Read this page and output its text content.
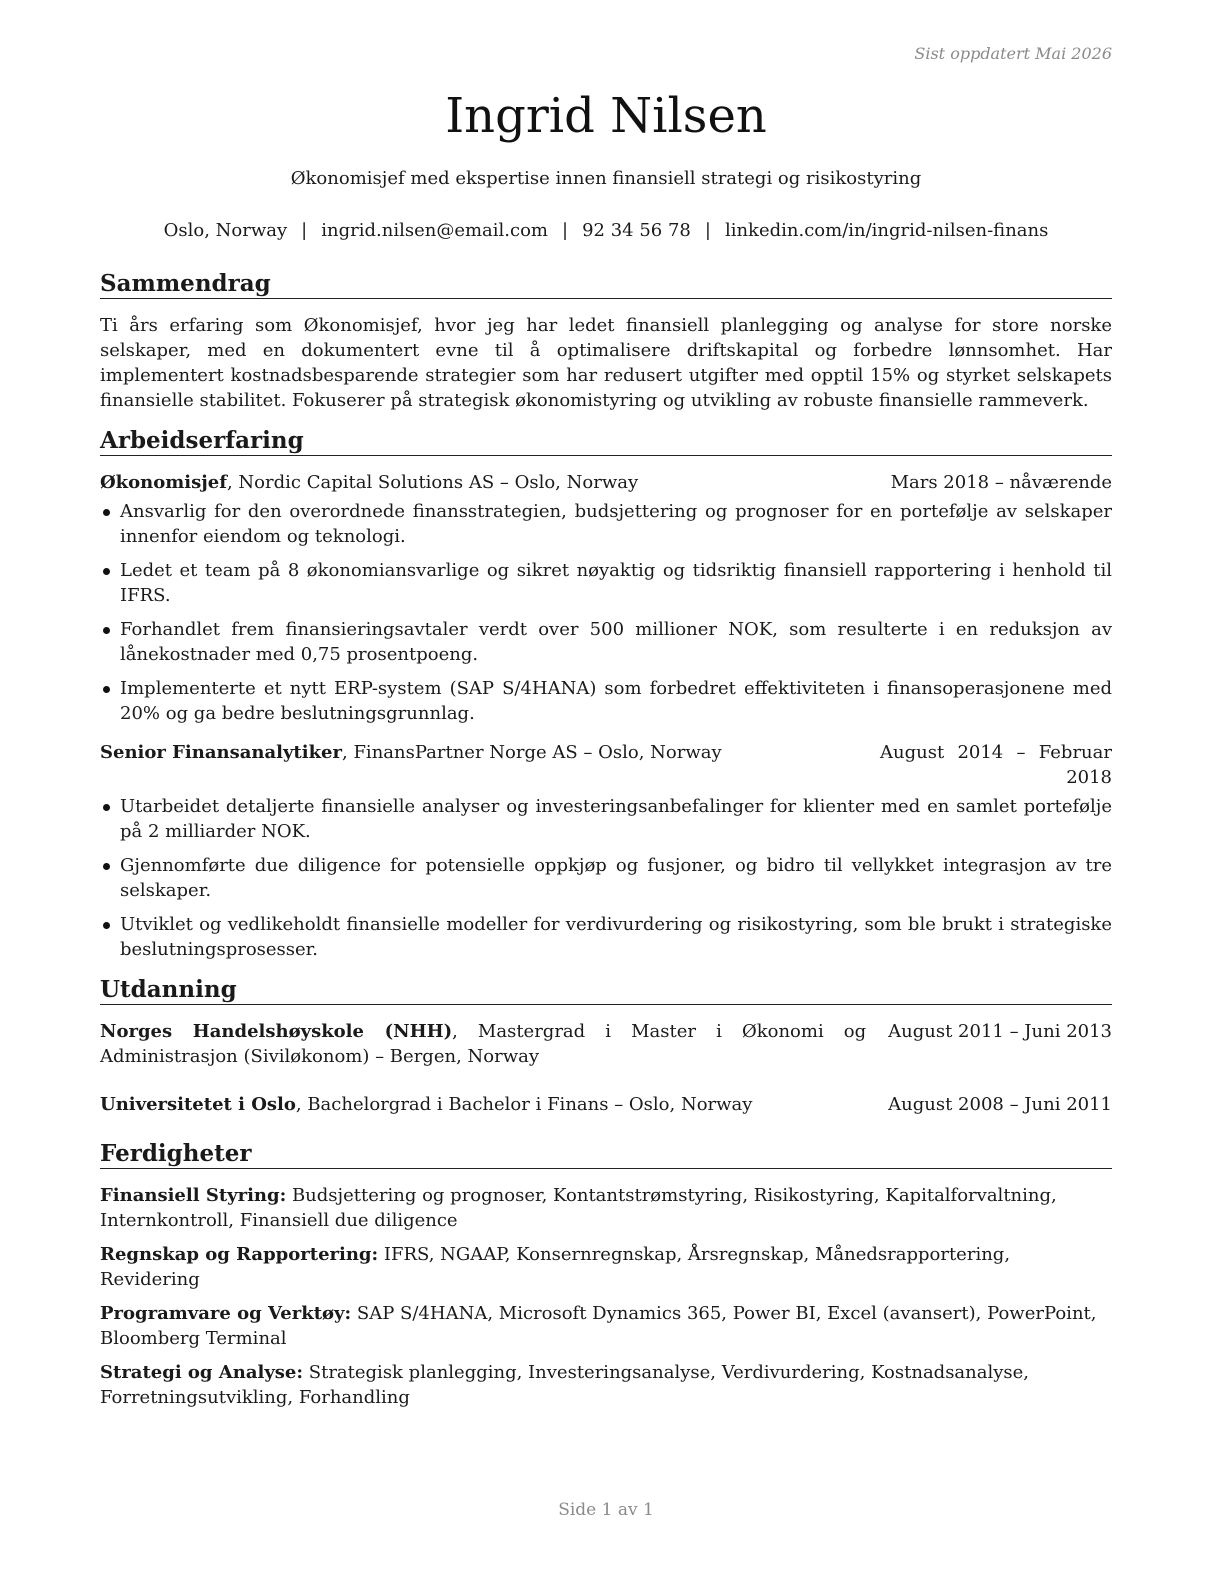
Sist oppdatert Mai 2026
Ingrid Nilsen
Økonomisjef med ekspertise innen finansiell strategi og risikostyring
Oslo, Norway | ingrid.nilsen@email.com | 92 34 56 78 | linkedin.com/in/ingrid-nilsen-finans
Sammendrag
Ti års erfaring som Økonomisjef, hvor jeg har ledet finansiell planlegging og analyse for store norske selskaper, med en dokumentert evne til å optimalisere driftskapital og forbedre lønnsomhet. Har implementert kostnadsbesparende strategier som har redusert utgifter med opptil 15% og styrket selskapets finansielle stabilitet. Fokuserer på strategisk økonomistyring og utvikling av robuste finansielle rammeverk.
Arbeidserfaring
Økonomisjef, Nordic Capital Solutions AS – Oslo, Norway	Mars 2018 – nåværende
Ansvarlig for den overordnede finansstrategien, budsjettering og prognoser for en portefølje av selskaper innenfor eiendom og teknologi.
Ledet et team på 8 økonomiansvarlige og sikret nøyaktig og tidsriktig finansiell rapportering i henhold til IFRS.
Forhandlet frem finansieringsavtaler verdt over 500 millioner NOK, som resulterte i en reduksjon av lånekostnader med 0,75 prosentpoeng.
Implementerte et nytt ERP-system (SAP S/4HANA) som forbedret effektiviteten i finansoperasjonene med 20% og ga bedre beslutningsgrunnlag.
Senior Finansanalytiker, FinansPartner Norge AS – Oslo, Norway	August 2014 – Februar 2018
Utarbeidet detaljerte finansielle analyser og investeringsanbefalinger for klienter med en samlet portefølje på 2 milliarder NOK.
Gjennomførte due diligence for potensielle oppkjøp og fusjoner, og bidro til vellykket integrasjon av tre selskaper.
Utviklet og vedlikeholdt finansielle modeller for verdivurdering og risikostyring, som ble brukt i strategiske beslutningsprosesser.
Utdanning
Norges Handelshøyskole (NHH), Mastergrad i Master i Økonomi og Administrasjon (Siviløkonom) – Bergen, Norway
August 2011 – Juni 2013
Universitetet i Oslo, Bachelorgrad i Bachelor i Finans – Oslo, Norway	August 2008 – Juni 2011
Ferdigheter
Finansiell Styring: Budsjettering og prognoser, Kontantstrømstyring, Risikostyring, Kapitalforvaltning, Internkontroll, Finansiell due diligence
Regnskap og Rapportering: IFRS, NGAAP, Konsernregnskap, Årsregnskap, Månedsrapportering, Revidering
Programvare og Verktøy: SAP S/4HANA, Microsoft Dynamics 365, Power BI, Excel (avansert), PowerPoint, Bloomberg Terminal
Strategi og Analyse: Strategisk planlegging, Investeringsanalyse, Verdivurdering, Kostnadsanalyse, Forretningsutvikling, Forhandling
Side 1 av 1
